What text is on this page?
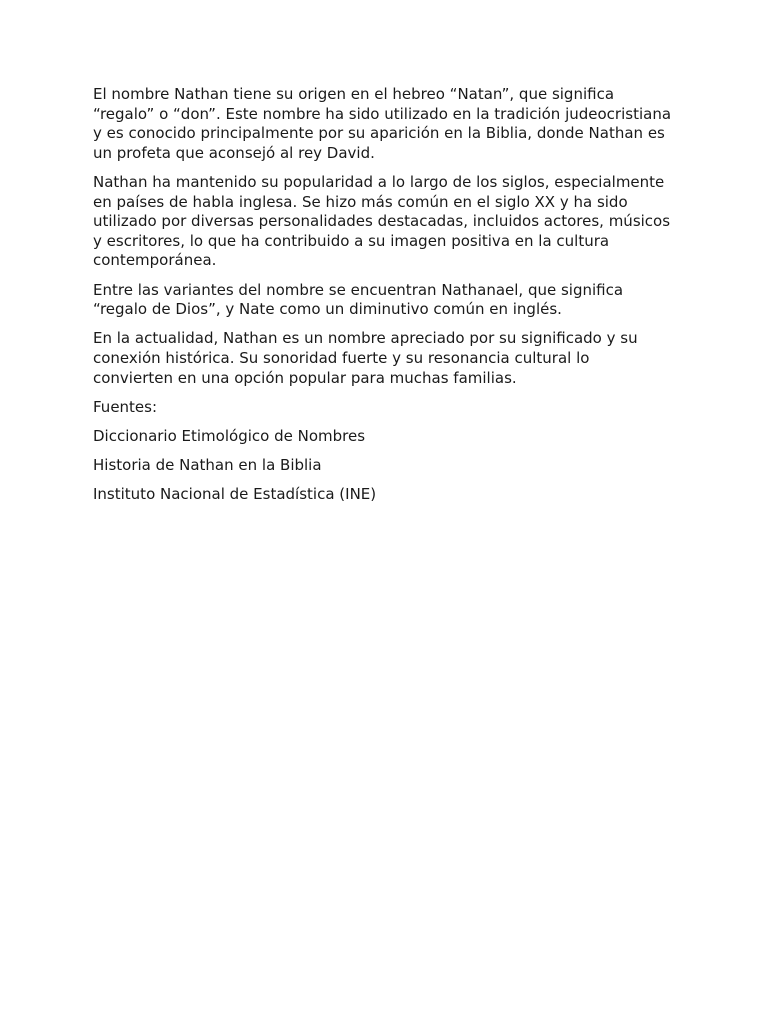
El nombre Nathan tiene su origen en el hebreo “Natan”, que significa “regalo” o “don”. Este nombre ha sido utilizado en la tradición judeocristiana y es conocido principalmente por su aparición en la Biblia, donde Nathan es un profeta que aconsejó al rey David.

Nathan ha mantenido su popularidad a lo largo de los siglos, especialmente en países de habla inglesa. Se hizo más común en el siglo XX y ha sido utilizado por diversas personalidades destacadas, incluidos actores, músicos y escritores, lo que ha contribuido a su imagen positiva en la cultura contemporánea.

Entre las variantes del nombre se encuentran Nathanael, que significa “regalo de Dios”, y Nate como un diminutivo común en inglés.

En la actualidad, Nathan es un nombre apreciado por su significado y su conexión histórica. Su sonoridad fuerte y su resonancia cultural lo convierten en una opción popular para muchas familias.

Fuentes:

Diccionario Etimológico de Nombres

Historia de Nathan en la Biblia

Instituto Nacional de Estadística (INE)
